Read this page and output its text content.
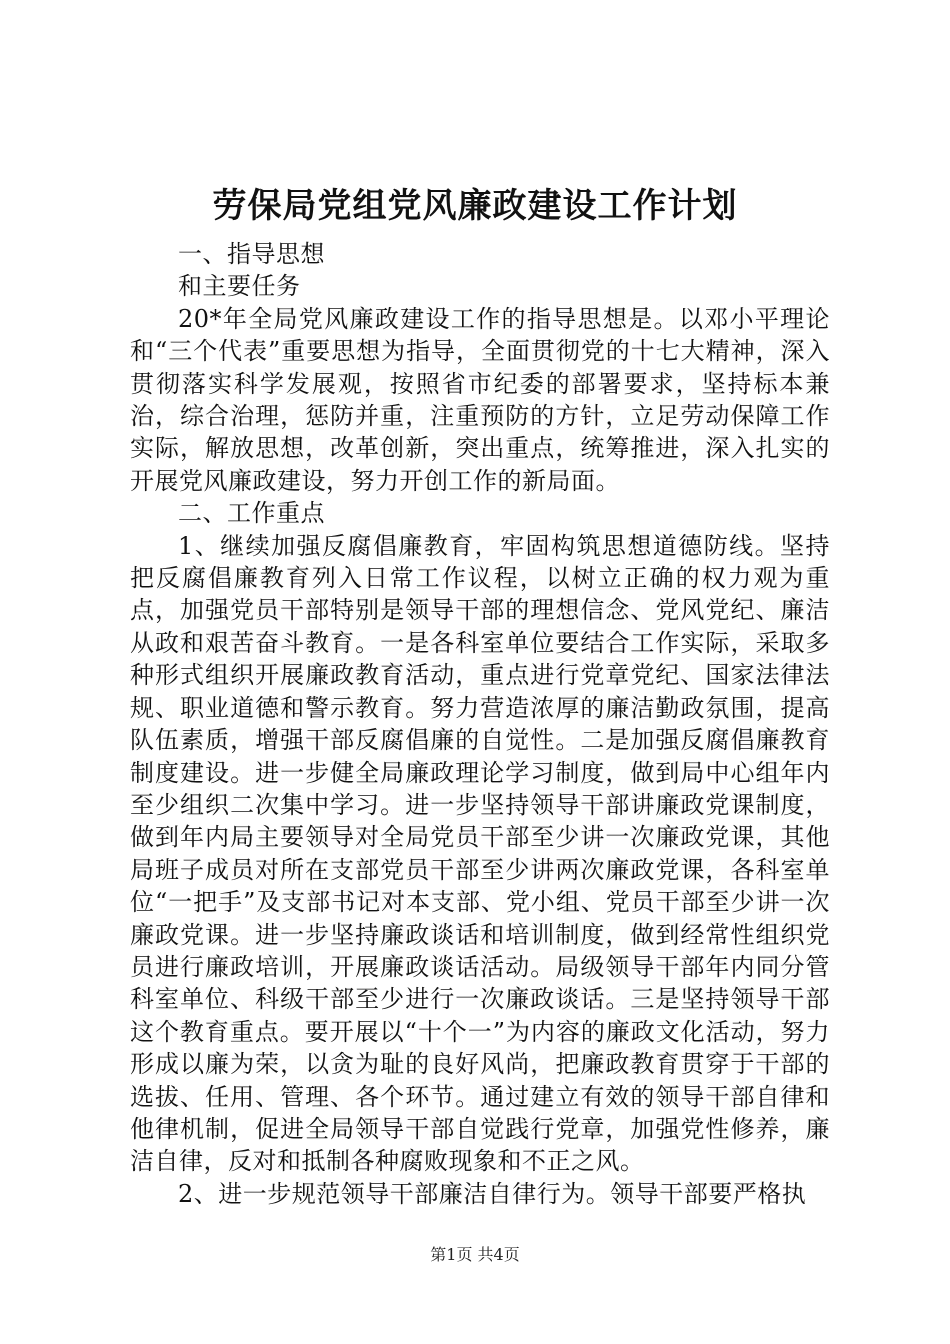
劳保局党组党风廉政建设工作计划

一、指导思想

和主要任务

20*年全局党风廉政建设工作的指导思想是。以邓小平理论和“三个代表”重要思想为指导，全面贯彻党的十七大精神，深入贯彻落实科学发展观，按照省市纪委的部署要求，坚持标本兼治，综合治理，惩防并重，注重预防的方针，立足劳动保障工作实际，解放思想，改革创新，突出重点，统筹推进，深入扎实的开展党风廉政建设，努力开创工作的新局面。

二、工作重点

1、继续加强反腐倡廉教育，牢固构筑思想道德防线。坚持把反腐倡廉教育列入日常工作议程，以树立正确的权力观为重点，加强党员干部特别是领导干部的理想信念、党风党纪、廉洁从政和艰苦奋斗教育。一是各科室单位要结合工作实际，采取多种形式组织开展廉政教育活动，重点进行党章党纪、国家法律法规、职业道德和警示教育。努力营造浓厚的廉洁勤政氛围，提高队伍素质，增强干部反腐倡廉的自觉性。二是加强反腐倡廉教育制度建设。进一步健全局廉政理论学习制度，做到局中心组年内至少组织二次集中学习。进一步坚持领导干部讲廉政党课制度，做到年内局主要领导对全局党员干部至少讲一次廉政党课，其他局班子成员对所在支部党员干部至少讲两次廉政党课，各科室单位“一把手”及支部书记对本支部、党小组、党员干部至少讲一次廉政党课。进一步坚持廉政谈话和培训制度，做到经常性组织党员进行廉政培训，开展廉政谈话活动。局级领导干部年内同分管科室单位、科级干部至少进行一次廉政谈话。三是坚持领导干部这个教育重点。要开展以“十个一”为内容的廉政文化活动，努力形成以廉为荣，以贪为耻的良好风尚，把廉政教育贯穿于干部的选拔、任用、管理、各个环节。通过建立有效的领导干部自律和他律机制，促进全局领导干部自觉践行党章，加强党性修养，廉洁自律，反对和抵制各种腐败现象和不正之风。

2、进一步规范领导干部廉洁自律行为。领导干部要严格执

第1页 共4页
